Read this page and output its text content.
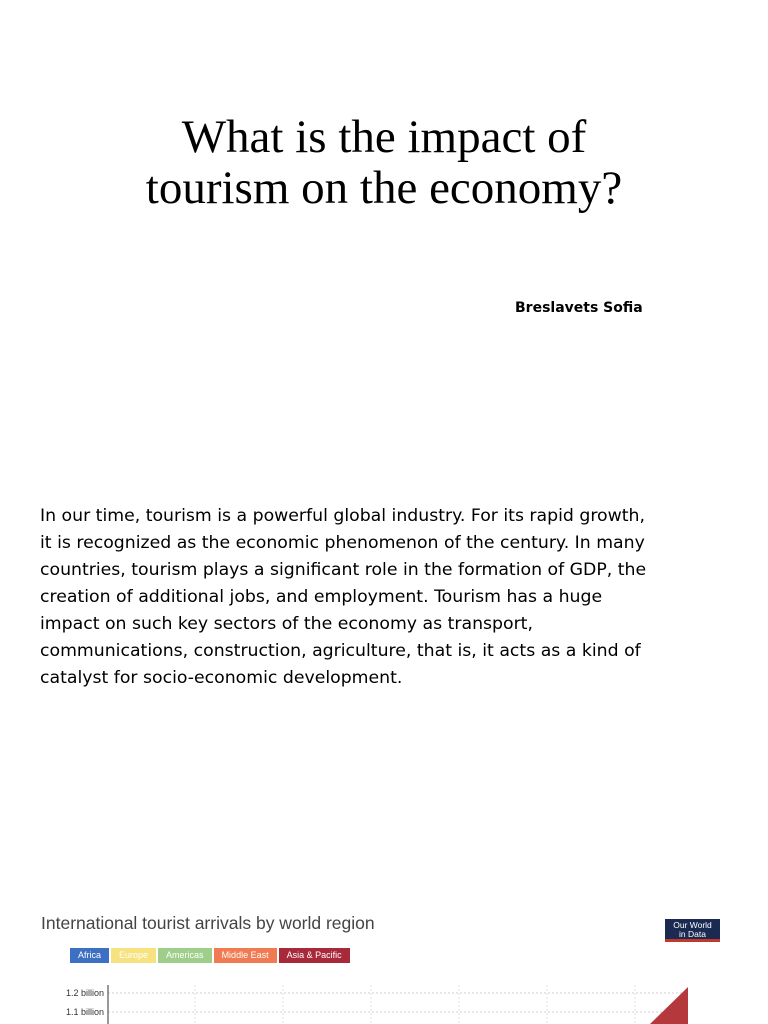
What is the impact of
tourism on the economy?
Breslavets Sofia

In our time, tourism is a powerful global industry. For its rapid growth,
it is recognized as the economic phenomenon of the century. In many
countries, tourism plays a significant role in the formation of GDP, the
creation of additional jobs, and employment. Tourism has a huge
impact on such key sectors of the economy as transport,
communications, construction, agriculture, that is, it acts as a kind of
catalyst for socio-economic development.

International tourist arrivals by world region	Our World
in Data
Africa	Europe	Americas	Middle East	Asia & Pacific
1.2 billion
1.1 billion
